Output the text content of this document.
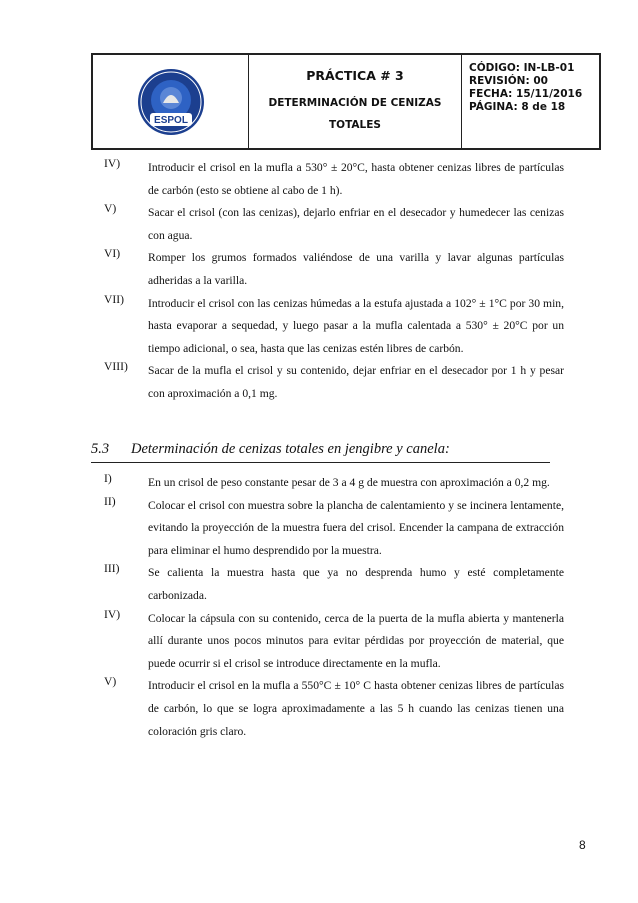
ESPOL
PRÁCTICA # 3
DETERMINACIÓN DE CENIZAS TOTALES
CÓDIGO: IN-LB-01
REVISIÓN: 00
FECHA: 15/11/2016
PÁGINA: 8 de 18
IV)	Introducir el crisol en la mufla a 530° ± 20°C, hasta obtener cenizas libres de partículas de carbón (esto se obtiene al cabo de 1 h).
V)	Sacar el crisol (con las cenizas), dejarlo enfriar en el desecador y humedecer las cenizas con agua.
VI)	Romper los grumos formados valiéndose de una varilla y lavar algunas partículas adheridas a la varilla.
VII)	Introducir el crisol con las cenizas húmedas a la estufa ajustada a 102° ± 1°C por 30 min, hasta evaporar a sequedad, y luego pasar a la mufla calentada a 530° ± 20°C por un tiempo adicional, o sea, hasta que las cenizas estén libres de carbón.
VIII)	Sacar de la mufla el crisol y su contenido, dejar enfriar en el desecador por 1 h y pesar con aproximación a 0,1 mg.
5.3 Determinación de cenizas totales en jengibre y canela:
I)	En un crisol de peso constante pesar de 3 a 4 g de muestra con aproximación a 0,2 mg.
II)	Colocar el crisol con muestra sobre la plancha de calentamiento y se incinera lentamente, evitando la proyección de la muestra fuera del crisol. Encender la campana de extracción para eliminar el humo desprendido por la muestra.
III)	Se calienta la muestra hasta que ya no desprenda humo y esté completamente carbonizada.
IV)	Colocar la cápsula con su contenido, cerca de la puerta de la mufla abierta y mantenerla allí durante unos pocos minutos para evitar pérdidas por proyección de material, que puede ocurrir si el crisol se introduce directamente en la mufla.
V)	Introducir el crisol en la mufla a 550°C ± 10° C hasta obtener cenizas libres de partículas de carbón, lo que se logra aproximadamente a las 5 h cuando las cenizas tienen una coloración gris claro.
8
